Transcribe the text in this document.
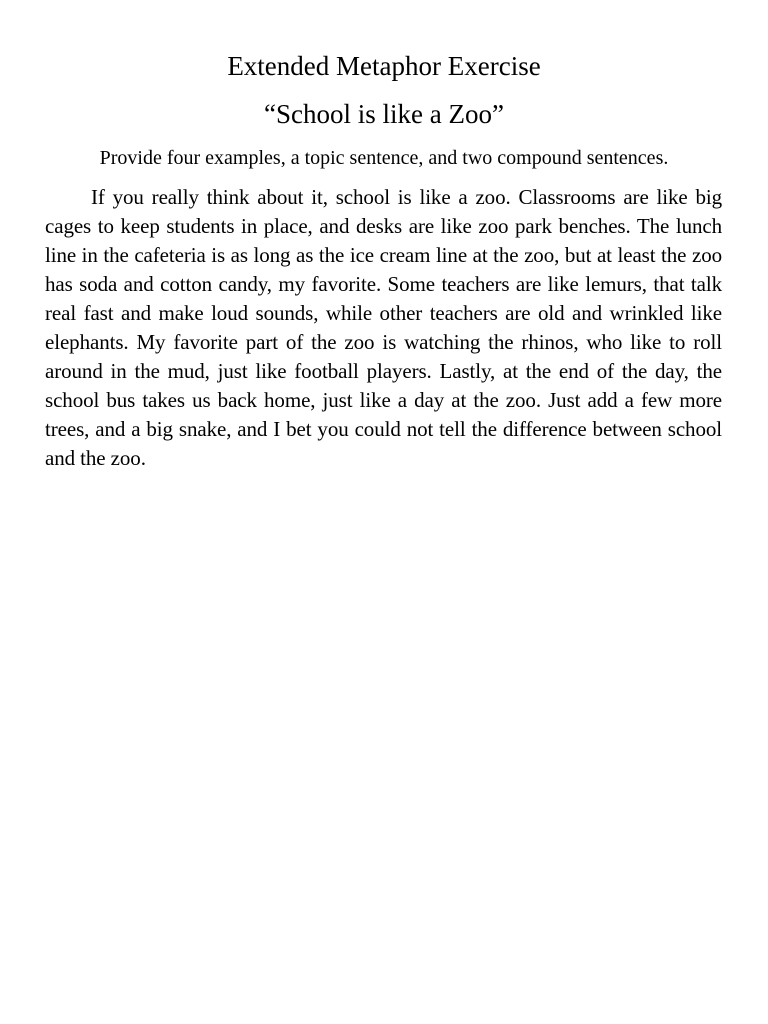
Extended Metaphor Exercise
“School is like a Zoo”

Provide four examples, a topic sentence, and two compound sentences.

If you really think about it, school is like a zoo. Classrooms are like big cages to keep students in place, and desks are like zoo park benches. The lunch line in the cafeteria is as long as the ice cream line at the zoo, but at least the zoo has soda and cotton candy, my favorite. Some teachers are like lemurs, that talk real fast and make loud sounds, while other teachers are old and wrinkled like elephants. My favorite part of the zoo is watching the rhinos, who like to roll around in the mud, just like football players. Lastly, at the end of the day, the school bus takes us back home, just like a day at the zoo. Just add a few more trees, and a big snake, and I bet you could not tell the difference between school and the zoo.
